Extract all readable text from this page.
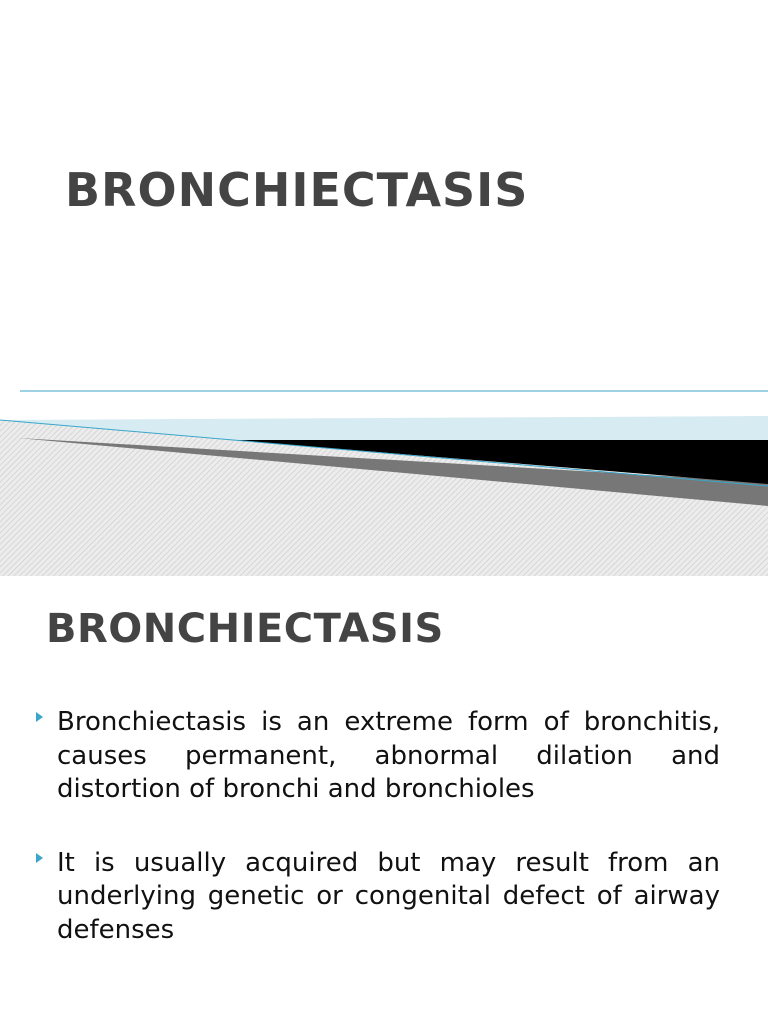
BRONCHIECTASIS
BRONCHIECTASIS
Bronchiectasis is an extreme form of bronchitis, causes permanent, abnormal dilation and distortion of bronchi and bronchioles
It is usually acquired but may result from an underlying genetic or congenital defect of airway defenses
